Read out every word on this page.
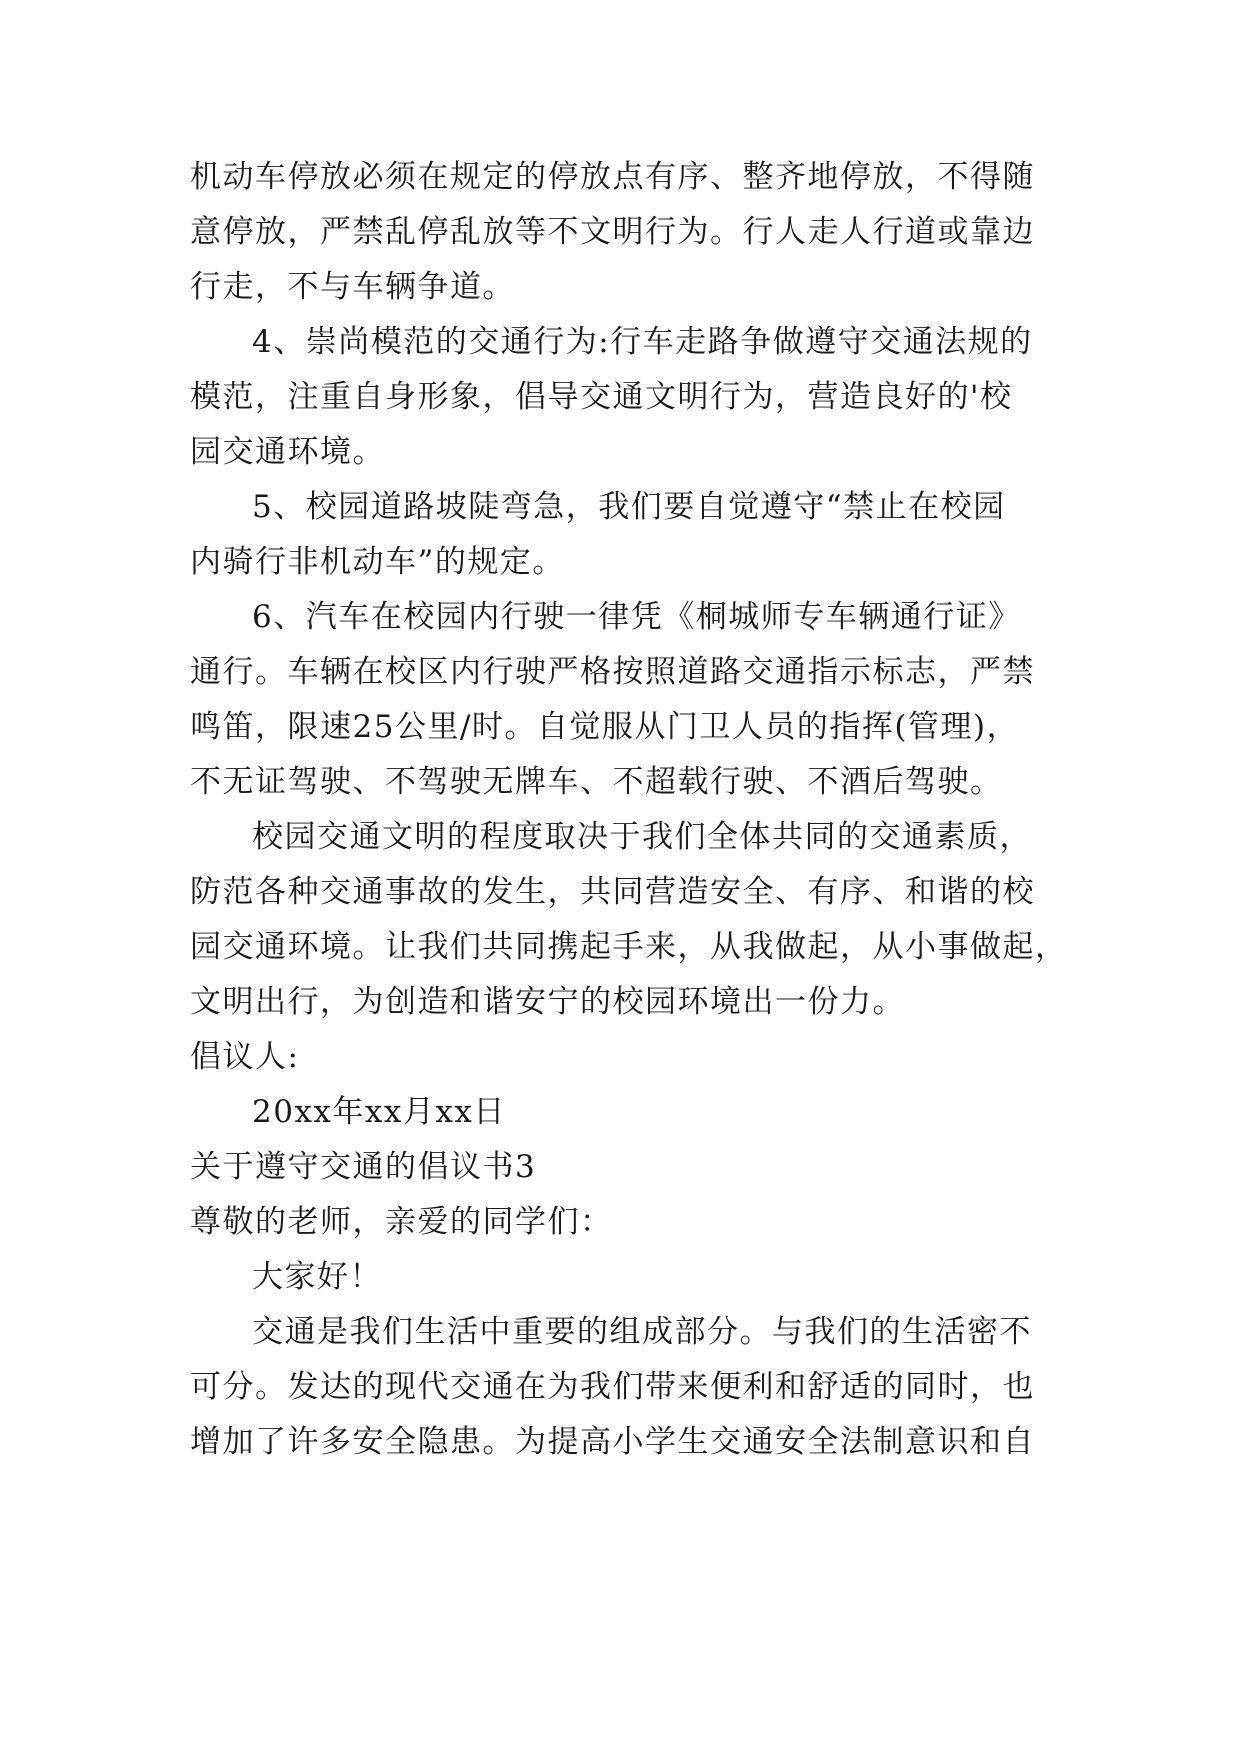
机动车停放必须在规定的停放点有序、整齐地停放，不得随
意停放，严禁乱停乱放等不文明行为。行人走人行道或靠边
行走，不与车辆争道。
4、崇尚模范的交通行为:行车走路争做遵守交通法规的
模范，注重自身形象，倡导交通文明行为，营造良好的'校
园交通环境。
5、校园道路坡陡弯急，我们要自觉遵守“禁止在校园
内骑行非机动车”的规定。
6、汽车在校园内行驶一律凭《桐城师专车辆通行证》
通行。车辆在校区内行驶严格按照道路交通指示标志，严禁
鸣笛，限速25公里/时。自觉服从门卫人员的指挥(管理)，
不无证驾驶、不驾驶无牌车、不超载行驶、不酒后驾驶。
校园交通文明的程度取决于我们全体共同的交通素质，
防范各种交通事故的发生，共同营造安全、有序、和谐的校
园交通环境。让我们共同携起手来，从我做起，从小事做起，
文明出行，为创造和谐安宁的校园环境出一份力。
倡议人:
20xx年xx月xx日
关于遵守交通的倡议书3
尊敬的老师，亲爱的同学们：
大家好！
交通是我们生活中重要的组成部分。与我们的生活密不
可分。发达的现代交通在为我们带来便利和舒适的同时，也
增加了许多安全隐患。为提高小学生交通安全法制意识和自
